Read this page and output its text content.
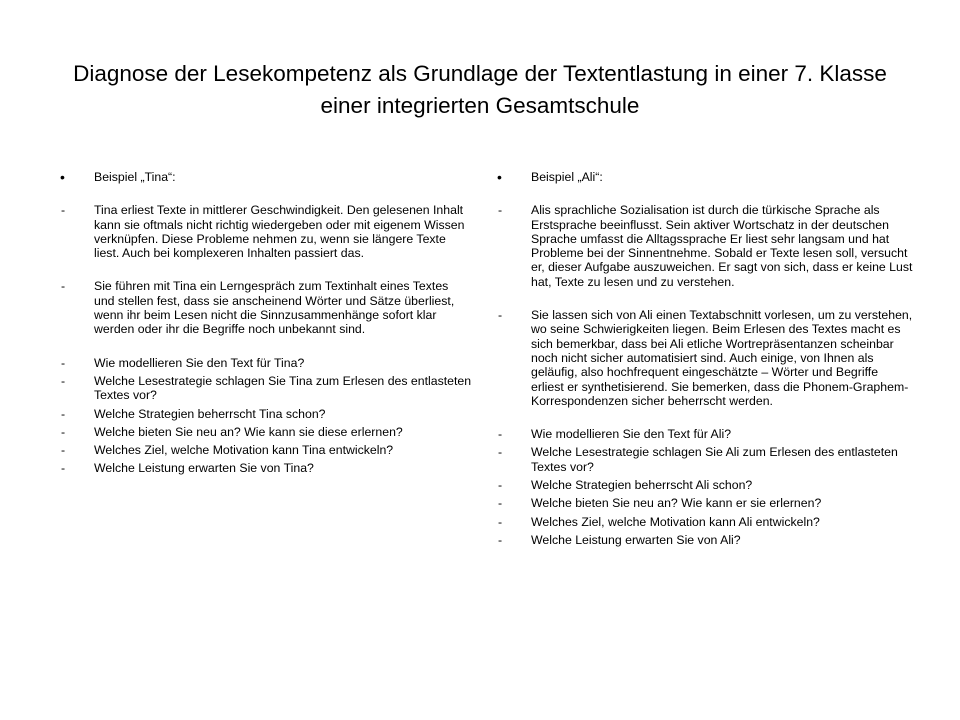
Diagnose der Lesekompetenz als Grundlage der Textentlastung in einer 7. Klasse einer integrierten Gesamtschule
• Beispiel „Tina“:
- Tina erliest Texte in mittlerer Geschwindigkeit. Den gelesenen Inhalt kann sie oftmals nicht richtig wiedergeben oder mit eigenem Wissen verknüpfen. Diese Probleme nehmen zu, wenn sie längere Texte liest. Auch bei komplexeren Inhalten passiert das.
- Sie führen mit Tina ein Lerngespräch zum Textinhalt eines Textes und stellen fest, dass sie anscheinend Wörter und Sätze überliest, wenn ihr beim Lesen nicht die Sinnzusammenhänge sofort klar werden oder ihr die Begriffe noch unbekannt sind.
- Wie modellieren Sie den Text für Tina?
- Welche Lesestrategie schlagen Sie Tina zum Erlesen des entlasteten Textes vor?
- Welche Strategien beherrscht Tina schon?
- Welche bieten Sie neu an? Wie kann sie diese erlernen?
- Welches Ziel, welche Motivation kann Tina entwickeln?
- Welche Leistung erwarten Sie von Tina?
• Beispiel „Ali“:
- Alis sprachliche Sozialisation ist durch die türkische Sprache als Erstsprache beeinflusst. Sein aktiver Wortschatz in der deutschen Sprache umfasst die Alltagssprache Er liest sehr langsam und hat Probleme bei der Sinnentnehme. Sobald er Texte lesen soll, versucht er, dieser Aufgabe auszuweichen. Er sagt von sich, dass er keine Lust hat, Texte zu lesen und zu verstehen.
- Sie lassen sich von Ali einen Textabschnitt vorlesen, um zu verstehen, wo seine Schwierigkeiten liegen. Beim Erlesen des Textes macht es sich bemerkbar, dass bei Ali etliche Wortrepräsentanzen scheinbar noch nicht sicher automatisiert sind. Auch einige, von Ihnen als geläufig, also hochfrequent eingeschätzte – Wörter und Begriffe erliest er synthetisierend. Sie bemerken, dass die Phonem-Graphem-Korrespondenzen sicher beherrscht werden.
- Wie modellieren Sie den Text für Ali?
- Welche Lesestrategie schlagen Sie Ali zum Erlesen des entlasteten Textes vor?
- Welche Strategien beherrscht Ali schon?
- Welche bieten Sie neu an? Wie kann er sie erlernen?
- Welches Ziel, welche Motivation kann Ali entwickeln?
- Welche Leistung erwarten Sie von Ali?
